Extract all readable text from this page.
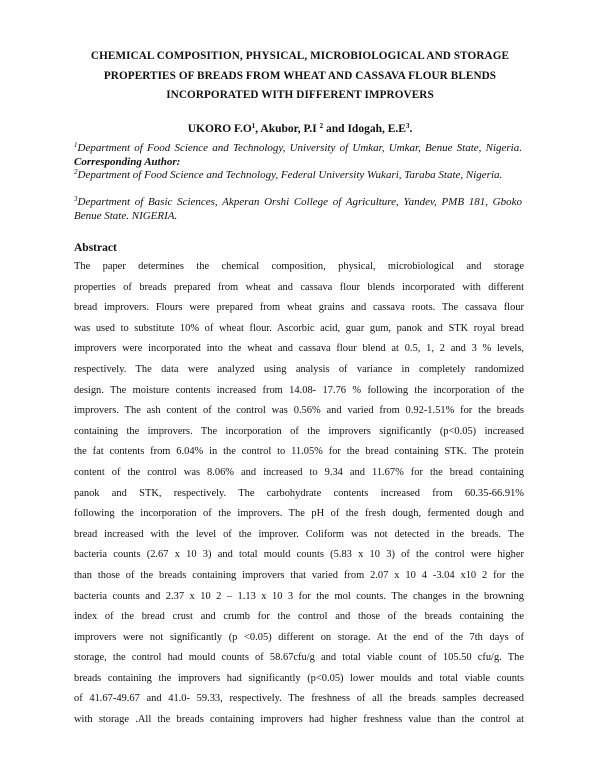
CHEMICAL COMPOSITION, PHYSICAL, MICROBIOLOGICAL AND STORAGE
PROPERTIES OF BREADS FROM WHEAT AND CASSAVA FLOUR BLENDS
INCORPORATED WITH DIFFERENT IMPROVERS
UKORO $F.O^1$, Akubor, P.I $^2$ and Idogah, $E.E^3$.
$^1$Department of Food Science and Technology, University of Umkar, Umkar, Benue State, Nigeria. Corresponding Author:
$^2$Department of Food Science and Technology, Federal University Wukari, Taraba State, Nigeria.
$^3$Department of Basic Sciences, Akperan Orshi College of Agriculture, Yandev, PMB 181, Gboko Benue State. NIGERIA.
Abstract
The paper determines the chemical composition, physical, microbiological and storage
properties of breads prepared from wheat and cassava flour blends incorporated with different
bread improvers. Flours were prepared from wheat grains and cassava roots. The cassava flour
was used to substitute 10% of wheat flour. Ascorbic acid, guar gum, panok and STK royal bread
improvers were incorporated into the wheat and cassava flour blend at 0.5, 1, 2 and 3 % levels,
respectively. The data were analyzed using analysis of variance in completely randomized
design. The moisture contents increased from 14.08- 17.76 % following the incorporation of the
improvers. The ash content of the control was 0.56% and varied from 0.92-1.51% for the breads
containing the improvers. The incorporation of the improvers significantly (p<0.05) increased
the fat contents from 6.04% in the control to 11.05% for the bread containing STK. The protein
content of the control was 8.06% and increased to 9.34 and 11.67% for the bread containing
panok and STK, respectively. The carbohydrate contents increased from 60.35-66.91%
following the incorporation of the improvers. The pH of the fresh dough, fermented dough and
bread increased with the level of the improver. Coliform was not detected in the breads. The
bacteria counts (2.67 x 10 3) and total mould counts (5.83 x 10 3) of the control were higher
than those of the breads containing improvers that varied from 2.07 x 10 4 -3.04 x10 2 for the
bacteria counts and 2.37 x 10 2 – 1.13 x 10 3 for the mol counts. The changes in the browning
index of the bread crust and crumb for the control and those of the breads containing the
improvers were not significantly (p <0.05) different on storage. At the end of the 7th days of
storage, the control had mould counts of 58.67cfu/g and total viable count of 105.50 cfu/g. The
breads containing the improvers had significantly (p<0.05) lower moulds and total viable counts
of 41.67-49.67 and 41.0- 59.33, respectively. The freshness of all the breads samples decreased
with storage .All the breads containing improvers had higher freshness value than the control at
